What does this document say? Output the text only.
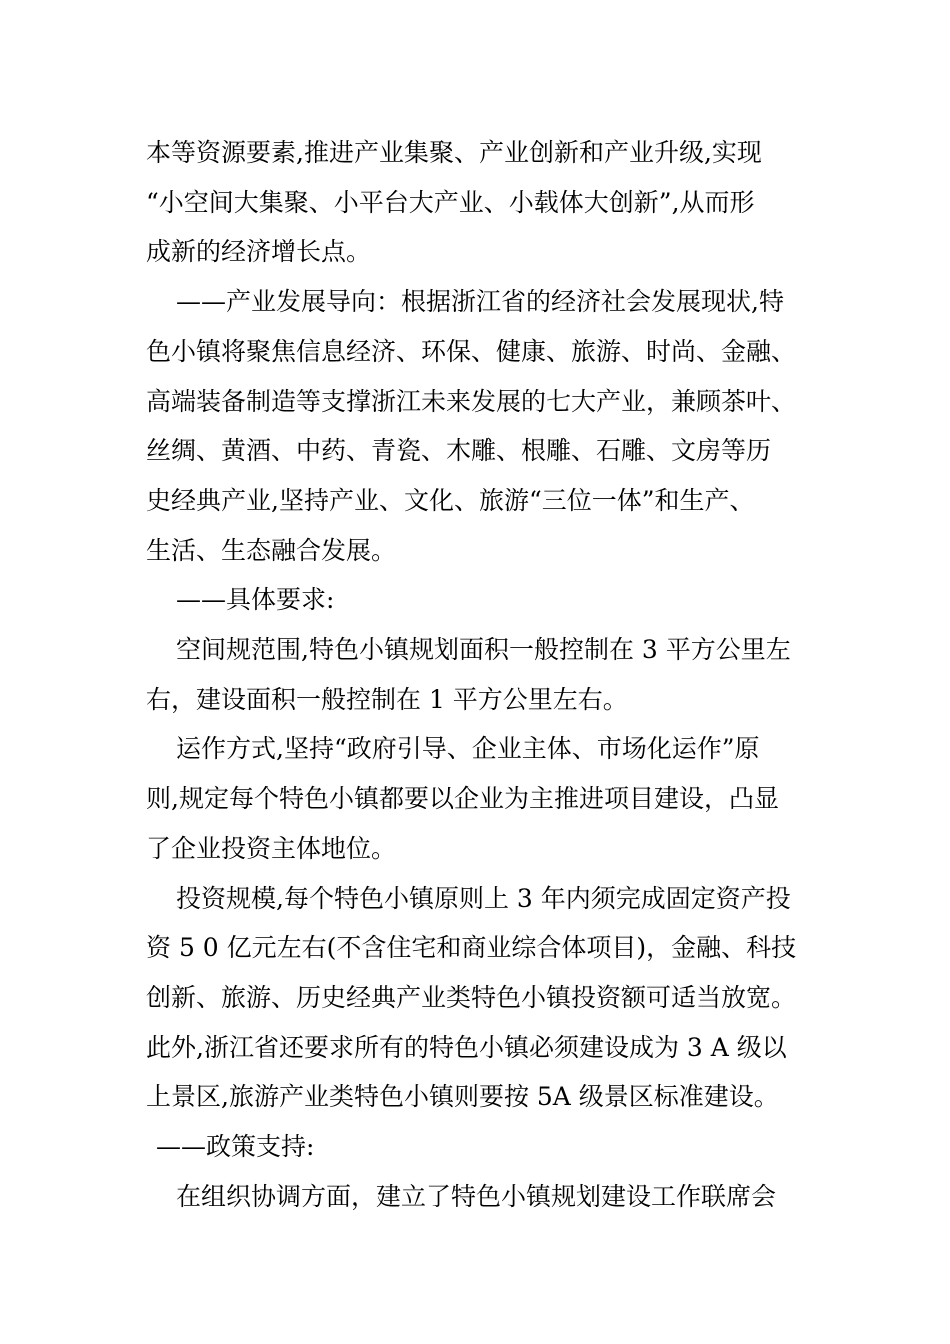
本等资源要素,推进产业集聚、产业创新和产业升级,实现
“小空间大集聚、小平台大产业、小载体大创新”,从而形
成新的经济增长点。
——产业发展导向：根据浙江省的经济社会发展现状,特
色小镇将聚焦信息经济、环保、健康、旅游、时尚、金融、
高端装备制造等支撑浙江未来发展的七大产业，兼顾茶叶、
丝绸、黄酒、中药、青瓷、木雕、根雕、石雕、文房等历
史经典产业,坚持产业、文化、旅游“三位一体”和生产、
生活、生态融合发展。
——具体要求:
空间规范围,特色小镇规划面积一般控制在 3 平方公里左
右，建设面积一般控制在 1 平方公里左右。
运作方式,坚持“政府引导、企业主体、市场化运作”原
则,规定每个特色小镇都要以企业为主推进项目建设，凸显
了企业投资主体地位。
投资规模,每个特色小镇原则上 3 年内须完成固定资产投
资 5 0 亿元左右(不含住宅和商业综合体项目)，金融、科技
创新、旅游、历史经典产业类特色小镇投资额可适当放宽。
此外,浙江省还要求所有的特色小镇必须建设成为 3 A 级以
上景区,旅游产业类特色小镇则要按 5A 级景区标准建设。
——政策支持:
在组织协调方面，建立了特色小镇规划建设工作联席会
